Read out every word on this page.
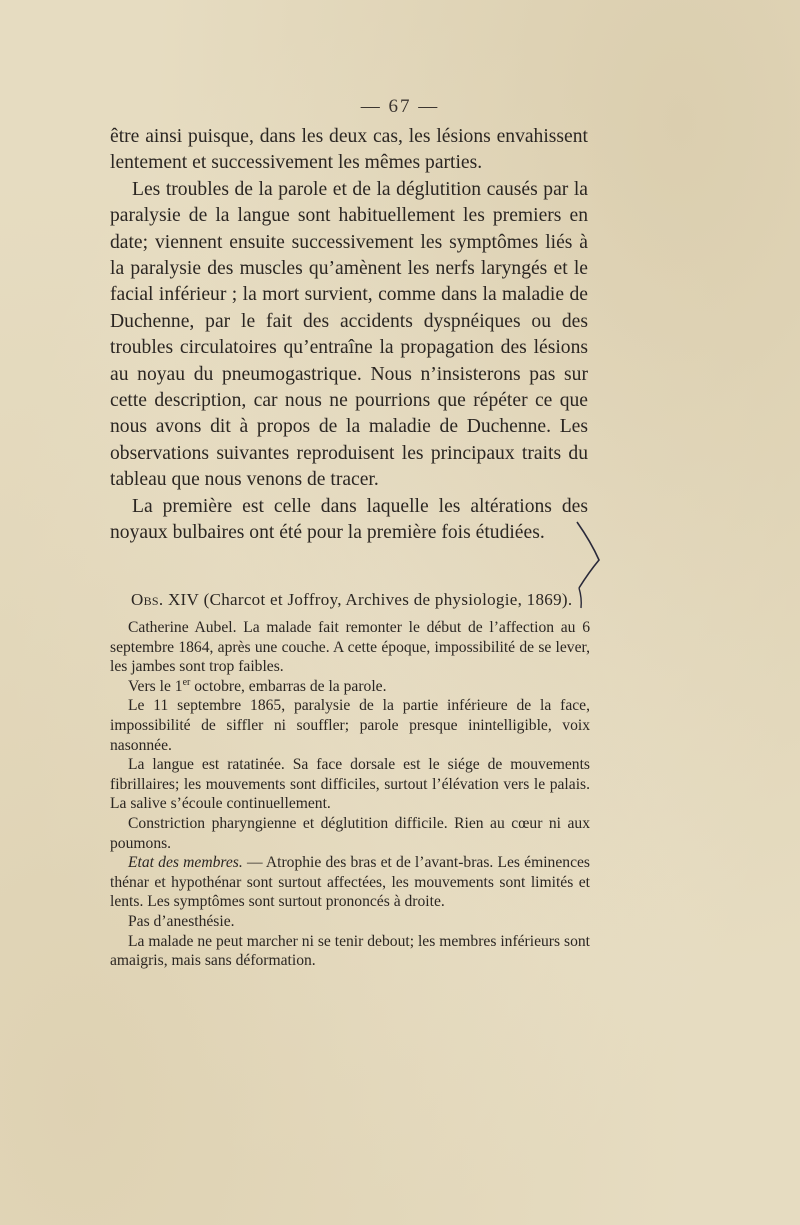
— 67 —

être ainsi puisque, dans les deux cas, les lésions envahissent lentement et successivement les mêmes parties.

Les troubles de la parole et de la déglutition causés par la paralysie de la langue sont habituellement les premiers en date; viennent ensuite successivement les symptômes liés à la paralysie des muscles qu’amènent les nerfs laryngés et le facial inférieur ; la mort survient, comme dans la maladie de Duchenne, par le fait des accidents dyspnéiques ou des troubles circulatoires qu’entraîne la propagation des lésions au noyau du pneumogastrique. Nous n’insisterons pas sur cette description, car nous ne pourrions que répéter ce que nous avons dit à propos de la maladie de Duchenne. Les observations suivantes reproduisent les principaux traits du tableau que nous venons de tracer.

La première est celle dans laquelle les altérations des noyaux bulbaires ont été pour la première fois étudiées.

Obs. XIV (Charcot et Joffroy, Archives de physiologie, 1869).

Catherine Aubel. La malade fait remonter le début de l’affection au 6 septembre 1864, après une couche. A cette époque, impossibilité de se lever, les jambes sont trop faibles.

Vers le 1er octobre, embarras de la parole.

Le 11 septembre 1865, paralysie de la partie inférieure de la face, impossibilité de siffler ni souffler; parole presque inintelligible, voix nasonnée.

La langue est ratatinée. Sa face dorsale est le siége de mouvements fibrillaires; les mouvements sont difficiles, surtout l’élévation vers le palais. La salive s’écoule continuellement.

Constriction pharyngienne et déglutition difficile. Rien au cœur ni aux poumons.

Etat des membres. — Atrophie des bras et de l’avant-bras. Les éminences thénar et hypothénar sont surtout affectées, les mouvements sont limités et lents. Les symptômes sont surtout prononcés à droite.

Pas d’anesthésie.

La malade ne peut marcher ni se tenir debout; les membres inférieurs sont amaigris, mais sans déformation.
